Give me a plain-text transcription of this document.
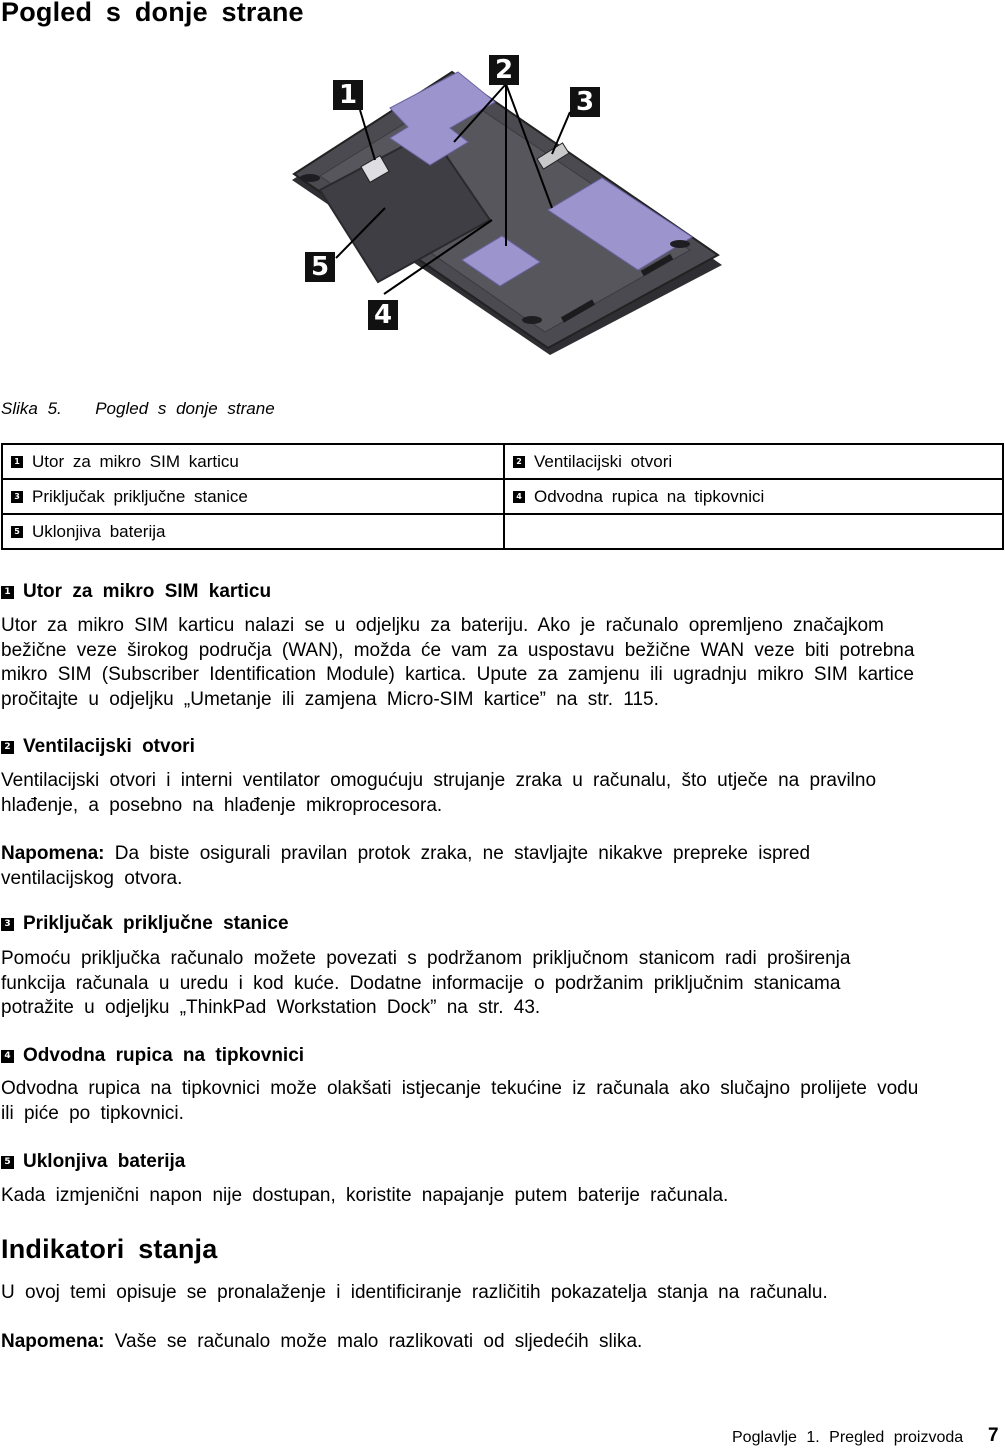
Pogled s donje strane
1
2
3
4
5
Slika 5. Pogled s donje strane
1 Utor za mikro SIM karticu	2 Ventilacijski otvori
3 Priključak priključne stanice	4 Odvodna rupica na tipkovnici
5 Uklonjiva baterija	
1 Utor za mikro SIM karticu
Utor za mikro SIM karticu nalazi se u odjeljku za bateriju. Ako je računalo opremljeno značajkom
bežične veze širokog područja (WAN), možda će vam za uspostavu bežične WAN veze biti potrebna
mikro SIM (Subscriber Identification Module) kartica. Upute za zamjenu ili ugradnju mikro SIM kartice
pročitajte u odjeljku „Umetanje ili zamjena Micro-SIM kartice” na str. 115.
2 Ventilacijski otvori
Ventilacijski otvori i interni ventilator omogućuju strujanje zraka u računalu, što utječe na pravilno
hlađenje, a posebno na hlađenje mikroprocesora.
Napomena: Da biste osigurali pravilan protok zraka, ne stavljajte nikakve prepreke ispred
ventilacijskog otvora.
3 Priključak priključne stanice
Pomoću priključka računalo možete povezati s podržanom priključnom stanicom radi proširenja
funkcija računala u uredu i kod kuće. Dodatne informacije o podržanim priključnim stanicama
potražite u odjeljku „ThinkPad Workstation Dock” na str. 43.
4 Odvodna rupica na tipkovnici
Odvodna rupica na tipkovnici može olakšati istjecanje tekućine iz računala ako slučajno prolijete vodu
ili piće po tipkovnici.
5 Uklonjiva baterija
Kada izmjenični napon nije dostupan, koristite napajanje putem baterije računala.
Indikatori stanja
U ovoj temi opisuje se pronalaženje i identificiranje različitih pokazatelja stanja na računalu.
Napomena: Vaše se računalo može malo razlikovati od sljedećih slika.
Poglavlje 1. Pregled proizvoda 7
